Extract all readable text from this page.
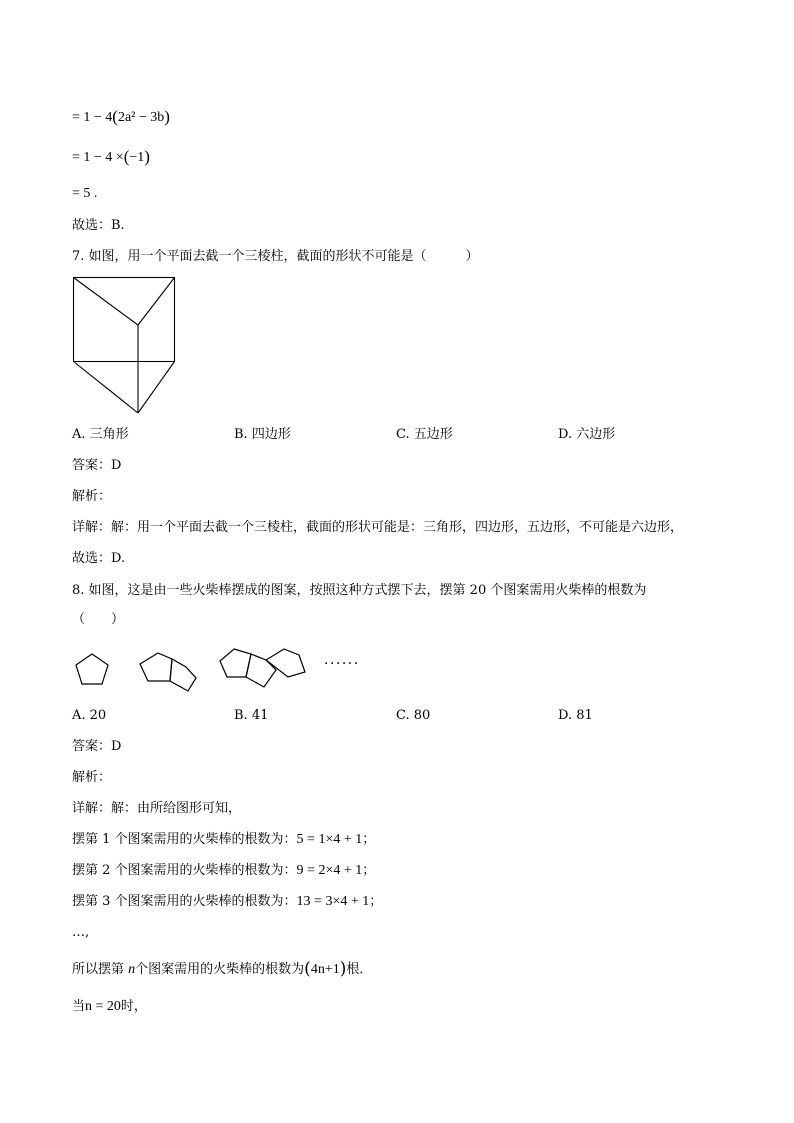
= 1 − 4(2a² − 3b)
= 1 − 4 ×(−1)
= 5 .
故选：B.
7. 如图，用一个平面去截一个三棱柱，截面的形状不可能是（　　　）
A. 三角形	B. 四边形	C. 五边形	D. 六边形
答案：D
解析：
详解：解：用一个平面去截一个三棱柱，截面的形状可能是：三角形，四边形，五边形，不可能是六边形，
故选：D.
8. 如图，这是由一些火柴棒摆成的图案，按照这种方式摆下去，摆第 20 个图案需用火柴棒的根数为
（　　）
······
A. 20	B. 41	C. 80	D. 81
答案：D
解析：
详解：解：由所给图形可知，
摆第 1 个图案需用的火柴棒的根数为：5 = 1×4 + 1；
摆第 2 个图案需用的火柴棒的根数为：9 = 2×4 + 1；
摆第 3 个图案需用的火柴棒的根数为：13 = 3×4 + 1；
…,
所以摆第 n个图案需用的火柴棒的根数为(4n+1)根．
当n = 20时，
